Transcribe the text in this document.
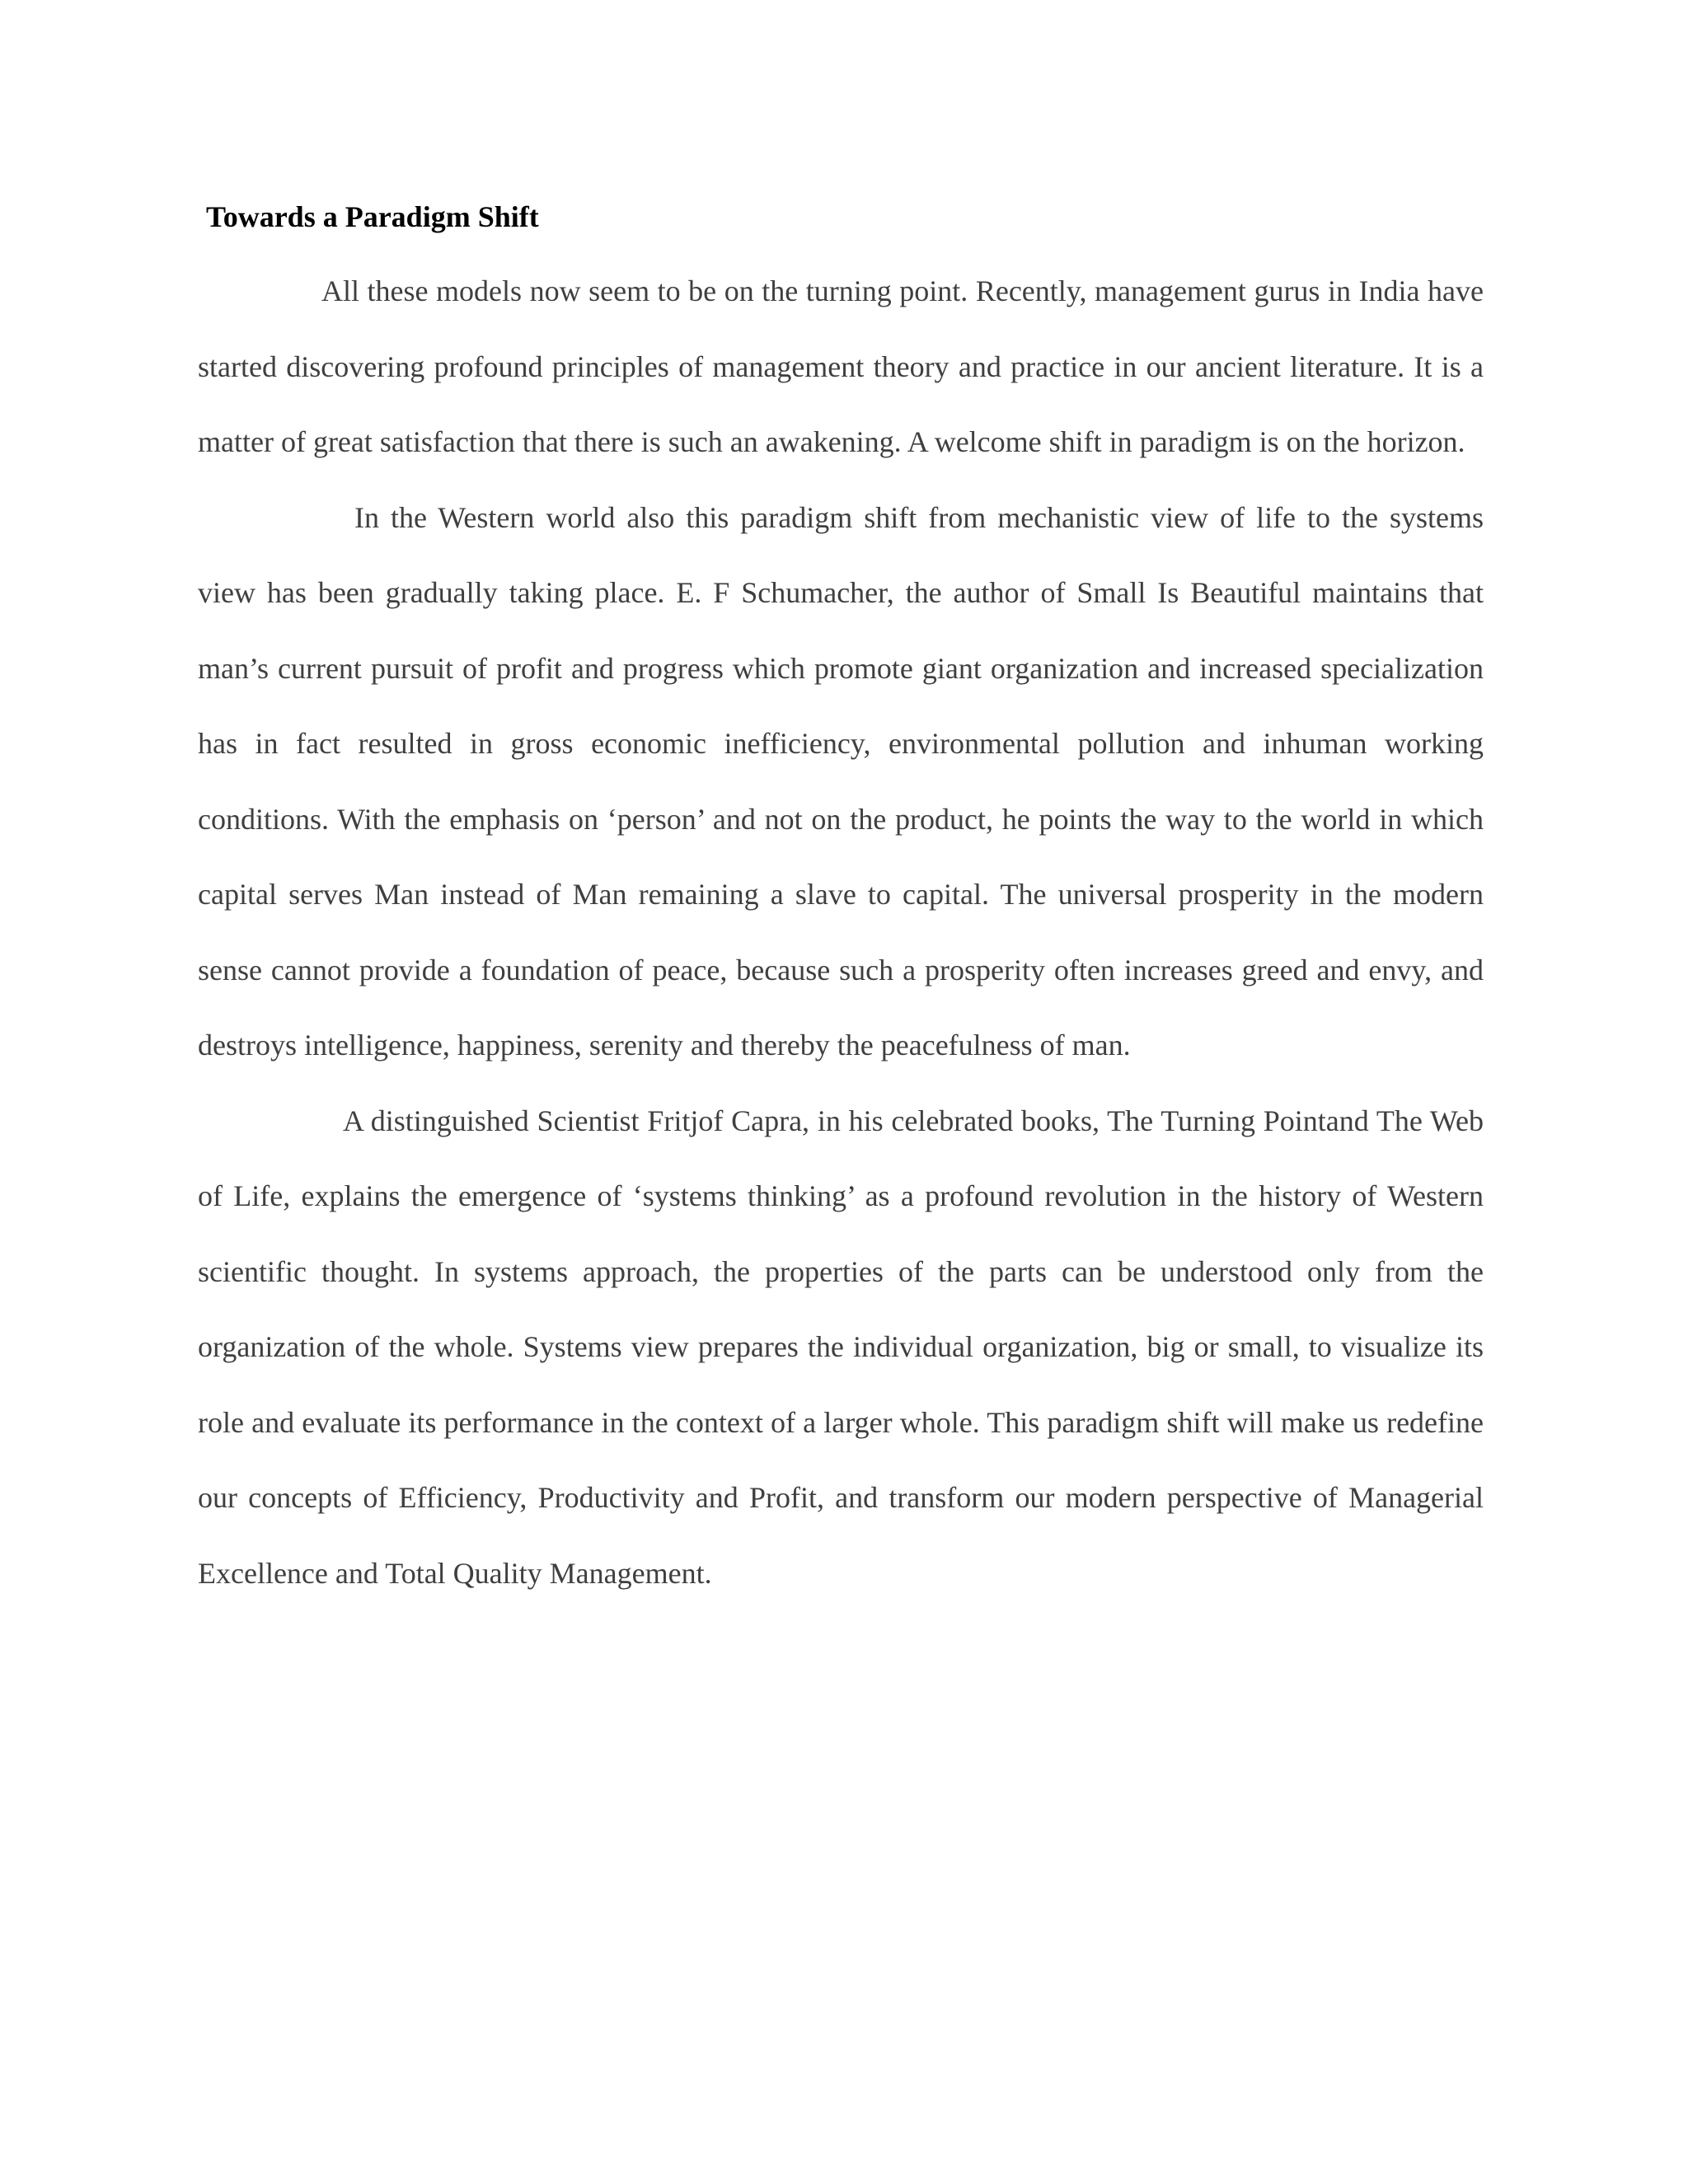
Towards a Paradigm Shift

All these models now seem to be on the turning point. Recently, management gurus in India have started discovering profound principles of management theory and practice in our ancient literature. It is a matter of great satisfaction that there is such an awakening. A welcome shift in paradigm is on the horizon.

In the Western world also this paradigm shift from mechanistic view of life to the systems view has been gradually taking place. E. F Schumacher, the author of Small Is Beautiful maintains that man’s current pursuit of profit and progress which promote giant organization and increased specialization has in fact resulted in gross economic inefficiency, environmental pollution and inhuman working conditions. With the emphasis on ‘person’ and not on the product, he points the way to the world in which capital serves Man instead of Man remaining a slave to capital. The universal prosperity in the modern sense cannot provide a foundation of peace, because such a prosperity often increases greed and envy, and destroys intelligence, happiness, serenity and thereby the peacefulness of man.

A distinguished Scientist Fritjof Capra, in his celebrated books, The Turning Pointand The Web of Life, explains the emergence of ‘systems thinking’ as a profound revolution in the history of Western scientific thought. In systems approach, the properties of the parts can be understood only from the organization of the whole. Systems view prepares the individual organization, big or small, to visualize its role and evaluate its performance in the context of a larger whole. This paradigm shift will make us redefine our concepts of Efficiency, Productivity and Profit, and transform our modern perspective of Managerial Excellence and Total Quality Management.
